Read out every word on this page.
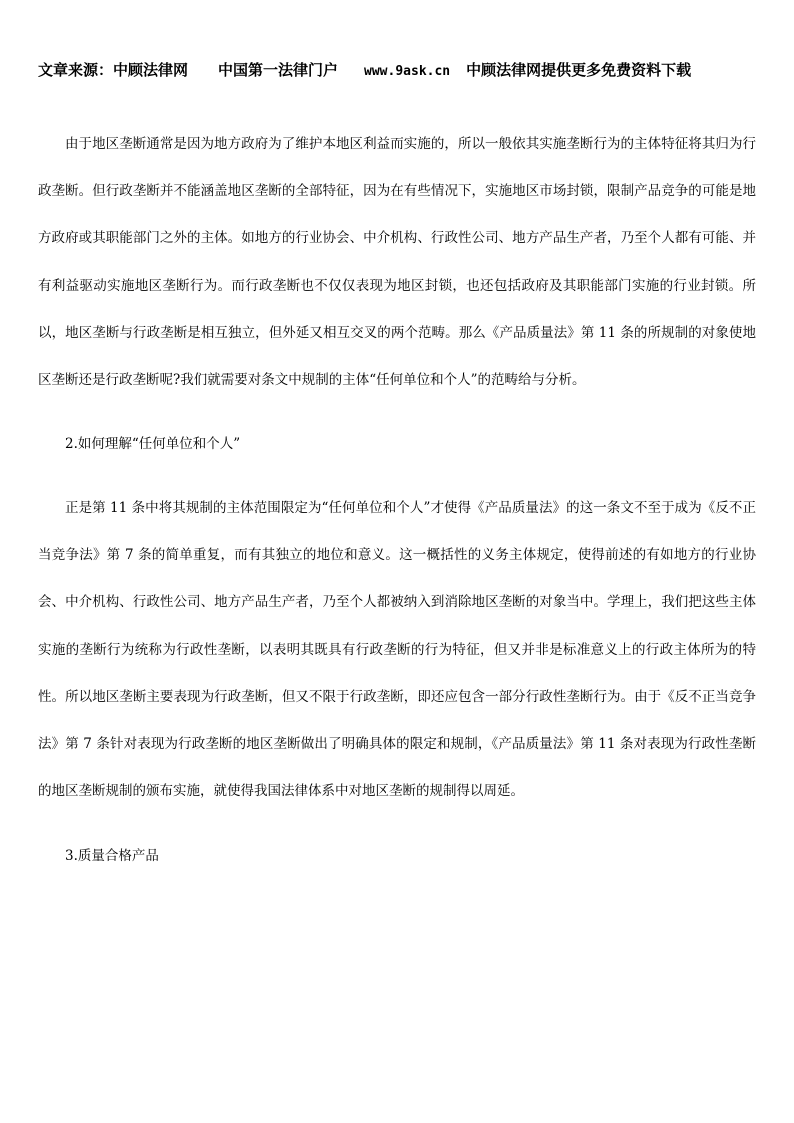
文章来源：中顾法律网 中国第一法律门户 www.9ask.cn 中顾法律网提供更多免费资料下载

由于地区垄断通常是因为地方政府为了维护本地区利益而实施的，所以一般依其实施垄断行为的主体特征将其归为行政垄断。但行政垄断并不能涵盖地区垄断的全部特征，因为在有些情况下，实施地区市场封锁，限制产品竞争的可能是地方政府或其职能部门之外的主体。如地方的行业协会、中介机构、行政性公司、地方产品生产者，乃至个人都有可能、并有利益驱动实施地区垄断行为。而行政垄断也不仅仅表现为地区封锁，也还包括政府及其职能部门实施的行业封锁。所以，地区垄断与行政垄断是相互独立，但外延又相互交叉的两个范畴。那么《产品质量法》第 11 条的所规制的对象使地区垄断还是行政垄断呢?我们就需要对条文中规制的主体“任何单位和个人”的范畴给与分析。

2.如何理解“任何单位和个人”

正是第 11 条中将其规制的主体范围限定为“任何单位和个人”才使得《产品质量法》的这一条文不至于成为《反不正当竞争法》第 7 条的简单重复，而有其独立的地位和意义。这一概括性的义务主体规定，使得前述的有如地方的行业协会、中介机构、行政性公司、地方产品生产者，乃至个人都被纳入到消除地区垄断的对象当中。学理上，我们把这些主体实施的垄断行为统称为行政性垄断，以表明其既具有行政垄断的行为特征，但又并非是标准意义上的行政主体所为的特性。所以地区垄断主要表现为行政垄断，但又不限于行政垄断，即还应包含一部分行政性垄断行为。由于《反不正当竞争法》第 7 条针对表现为行政垄断的地区垄断做出了明确具体的限定和规制，《产品质量法》第 11 条对表现为行政性垄断的地区垄断规制的颁布实施，就使得我国法律体系中对地区垄断的规制得以周延。

3.质量合格产品
